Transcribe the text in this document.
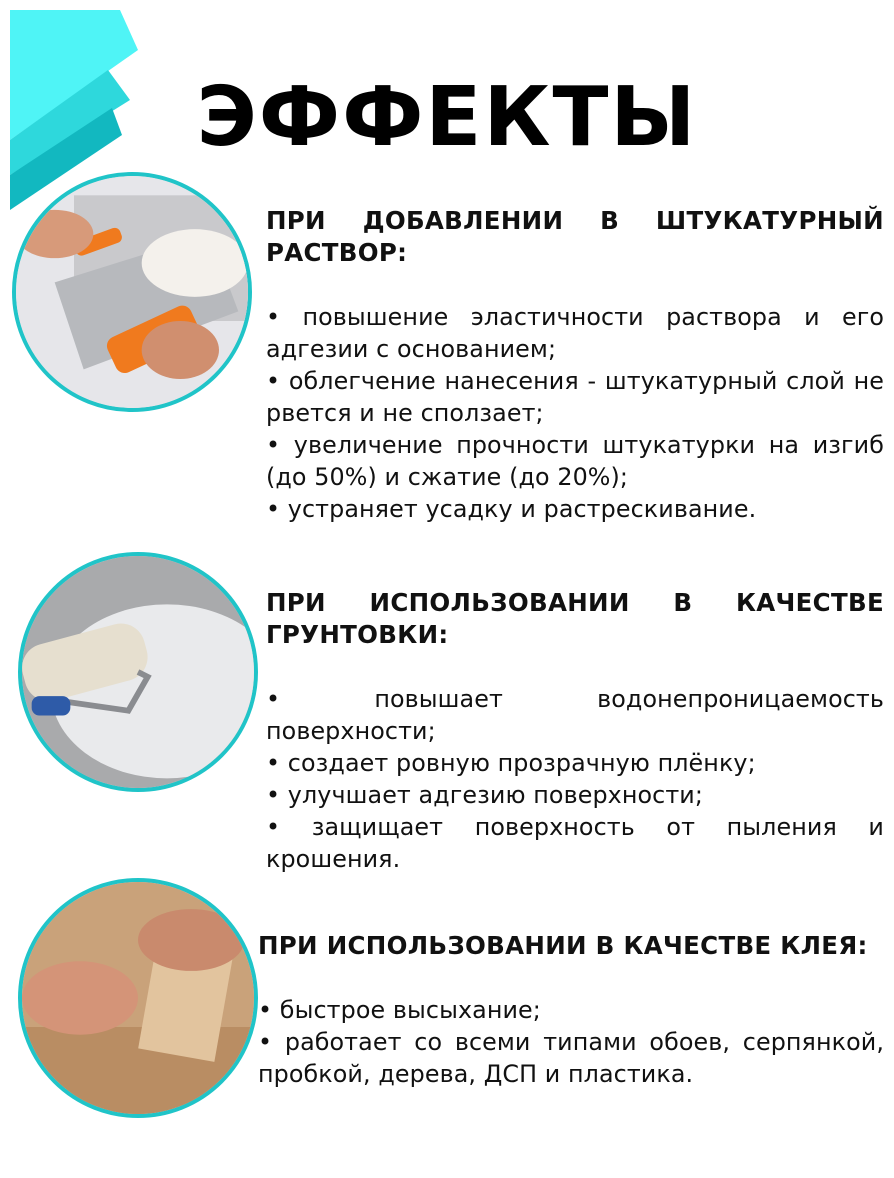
ЭФФЕКТЫ
ПРИ ДОБАВЛЕНИИ В ШТУКАТУРНЫЙ РАСТВОР:
• повышение эластичности раствора и его адгезии с основанием;
• облегчение нанесения - штукатурный слой не рвется и не сползает;
• увеличение прочности штукатурки на изгиб (до 50%) и сжатие (до 20%);
• устраняет усадку и растрескивание.
ПРИ ИСПОЛЬЗОВАНИИ В КАЧЕСТВЕ ГРУНТОВКИ:
• повышает водонепроницаемость поверхности;
• создает ровную прозрачную плёнку;
• улучшает адгезию поверхности;
• защищает поверхность от пыления и крошения.
ПРИ ИСПОЛЬЗОВАНИИ В КАЧЕСТВЕ КЛЕЯ:
• быстрое высыхание;
• работает со всеми типами обоев, серпянкой, пробкой, дерева, ДСП и пластика.
